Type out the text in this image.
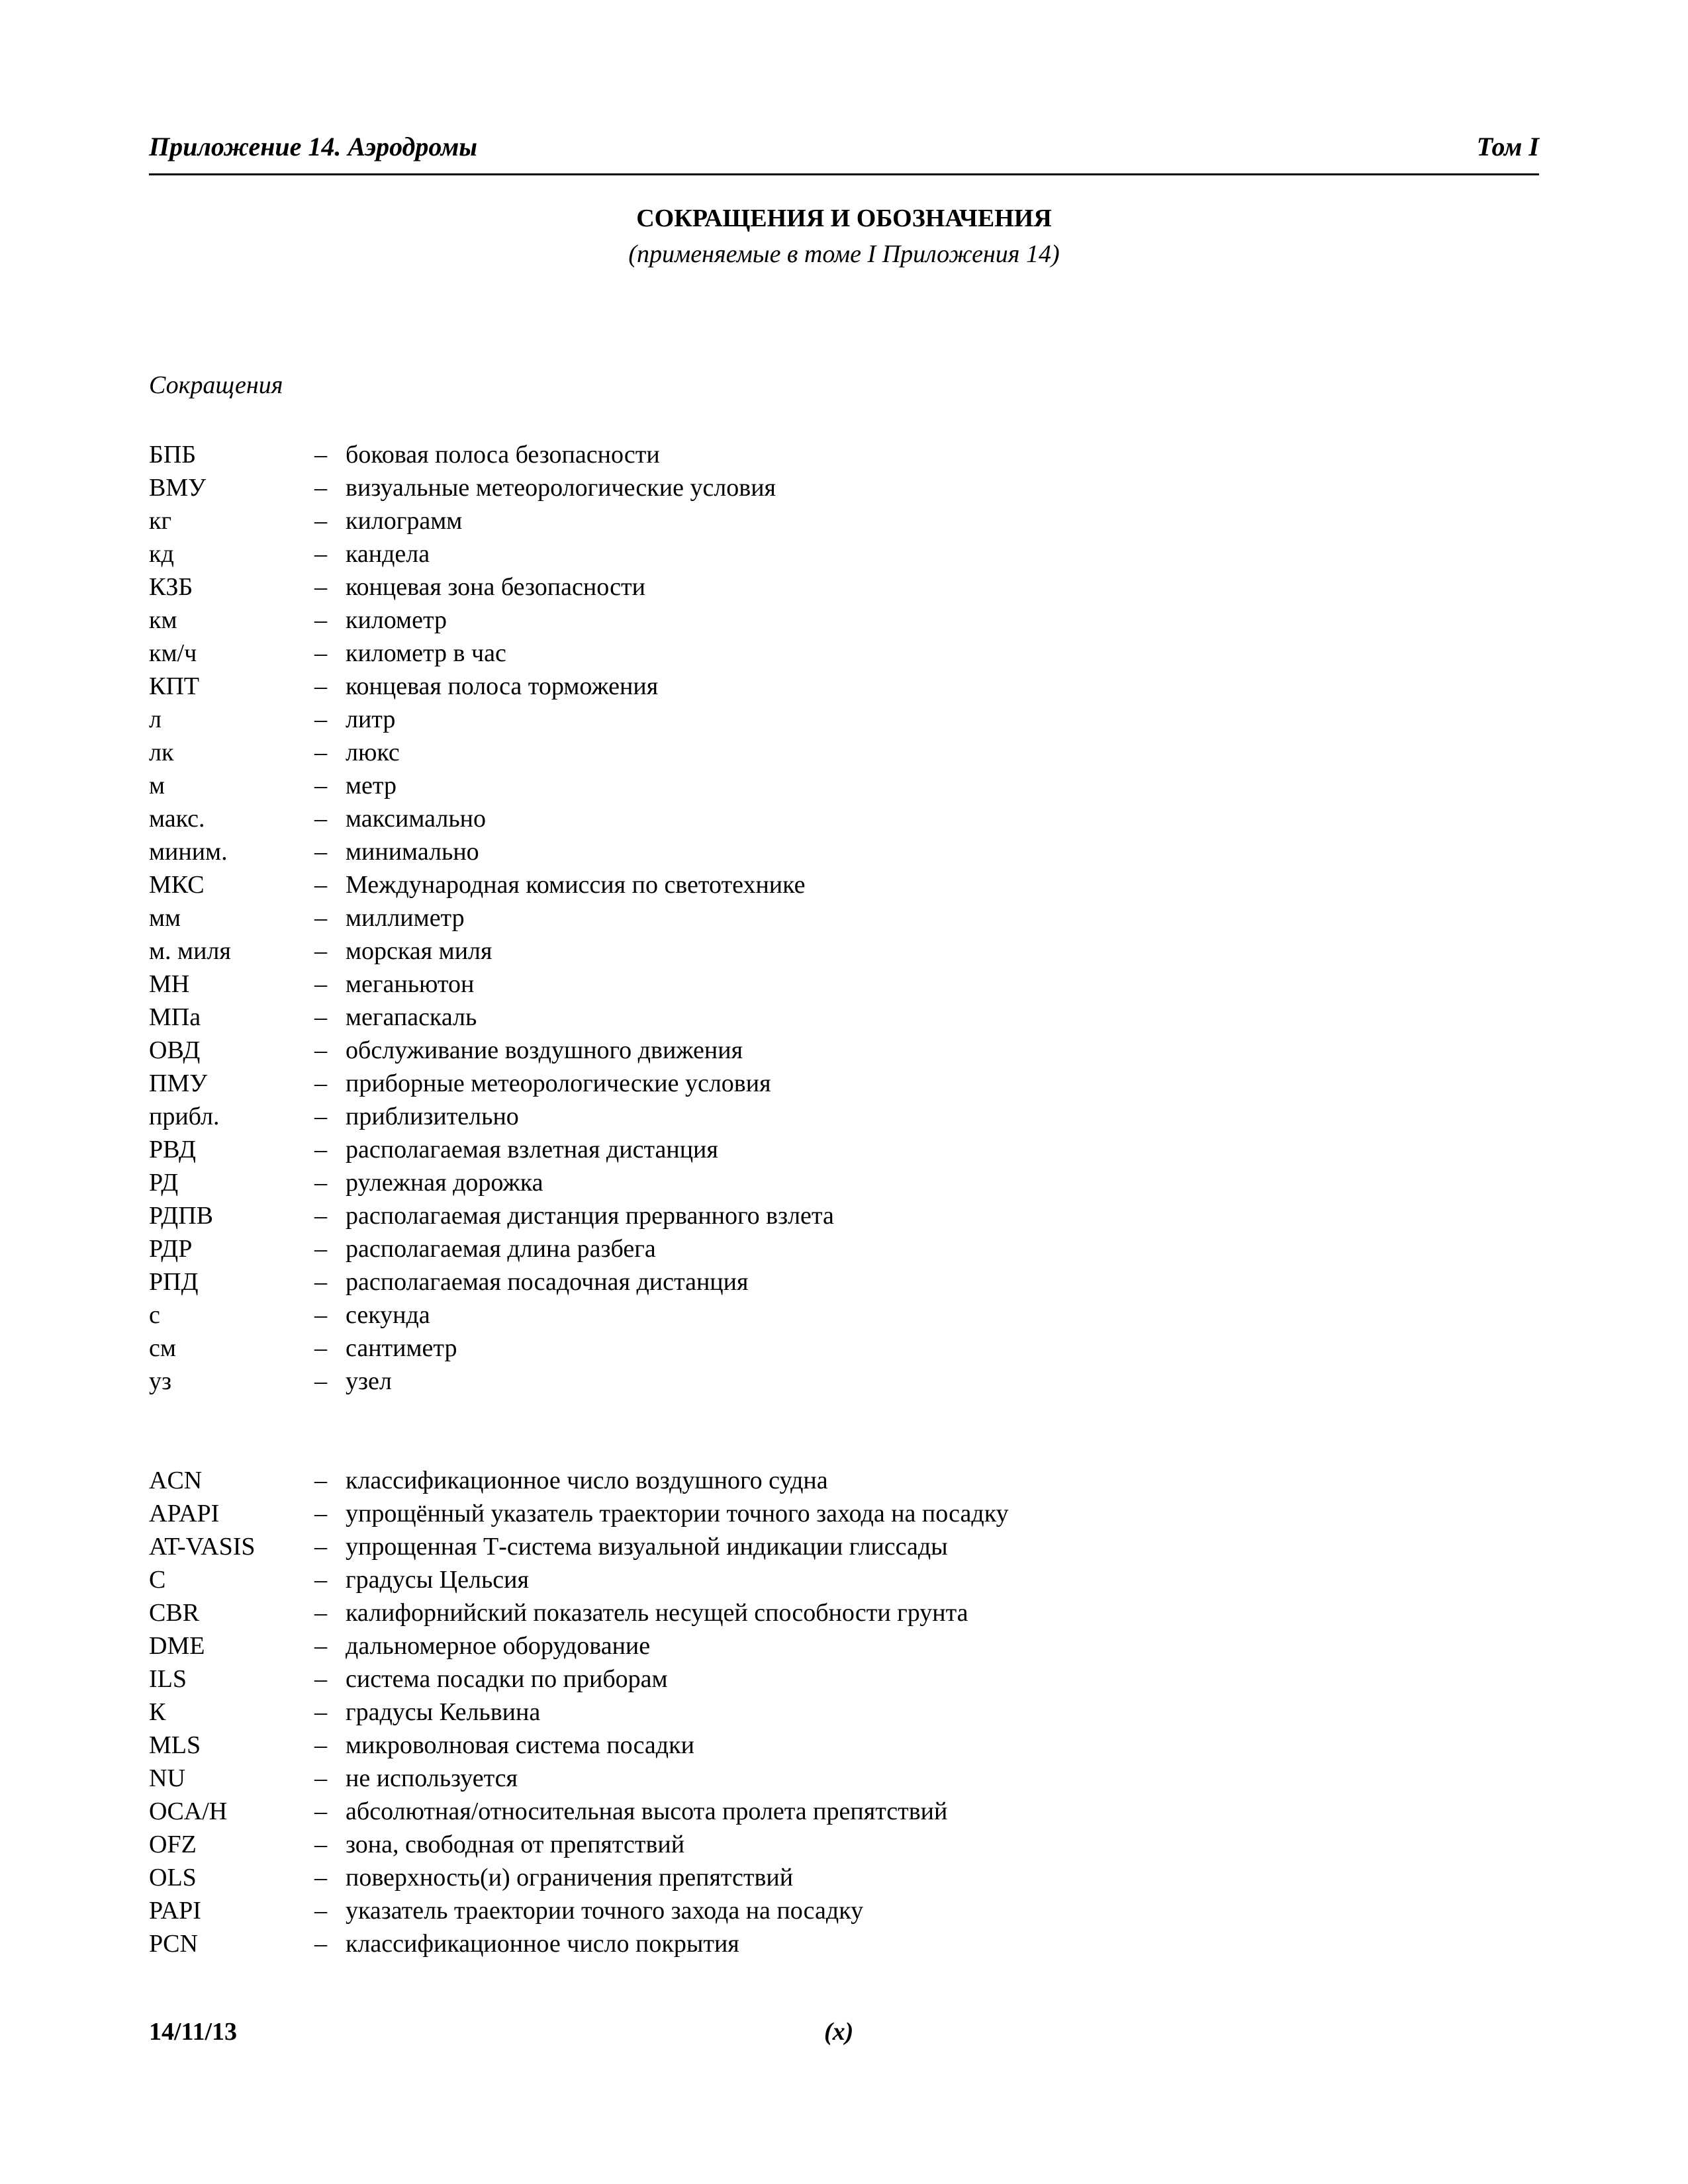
Приложение 14. Аэродромы	Том I
СОКРАЩЕНИЯ И ОБОЗНАЧЕНИЯ
(применяемые в томе I Приложения 14)
Сокращения
БПБ	– боковая полоса безопасности
ВМУ	– визуальные метеорологические условия
кг	– килограмм
кд	– кандела
КЗБ	– концевая зона безопасности
км	– километр
км/ч	– километр в час
КПТ	– концевая полоса торможения
л	– литр
лк	– люкс
м	– метр
макс.	– максимально
миним.	– минимально
МКС	– Международная комиссия по светотехнике
мм	– миллиметр
м. миля	– морская миля
МН	– меганьютон
МПа	– мегапаскаль
ОВД	– обслуживание воздушного движения
ПМУ	– приборные метеорологические условия
прибл.	– приблизительно
РВД	– располагаемая взлетная дистанция
РД	– рулежная дорожка
РДПВ	– располагаемая дистанция прерванного взлета
РДР	– располагаемая длина разбега
РПД	– располагаемая посадочная дистанция
с	– секунда
см	– сантиметр
уз	– узел
ACN	– классификационное число воздушного судна
APAPI	– упрощённый указатель траектории точного захода на посадку
AT-VASIS – упрощенная Т-система визуальной индикации глиссады
С	– градусы Цельсия
CBR	– калифорнийский показатель несущей способности грунта
DME	– дальномерное оборудование
ILS	– система посадки по приборам
К	– градусы Кельвина
MLS	– микроволновая система посадки
NU	– не используется
OCA/H	– абсолютная/относительная высота пролета препятствий
OFZ	– зона, свободная от препятствий
OLS	– поверхность(и) ограничения препятствий
PAPI	– указатель траектории точного захода на посадку
PCN	– классификационное число покрытия
14/11/13	(x)
